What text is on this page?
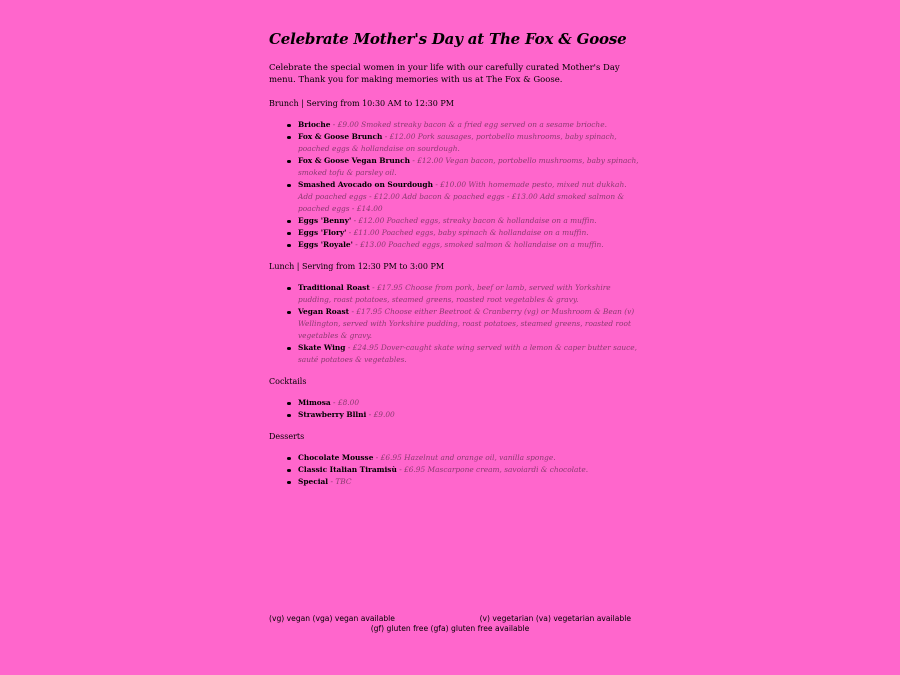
Celebrate Mother's Day at The Fox & Goose

Celebrate the special women in your life with our carefully curated Mother's Day menu. Thank you for making memories with us at The Fox & Goose.

Brunch | Serving from 10:30 AM to 12:30 PM
Brioche - £9.00 Smoked streaky bacon & a fried egg served on a sesame brioche.
Fox & Goose Brunch - £12.00 Pork sausages, portobello mushrooms, baby spinach, poached eggs & hollandaise on sourdough.
Fox & Goose Vegan Brunch - £12.00 Vegan bacon, portobello mushrooms, baby spinach, smoked tofu & parsley oil.
Smashed Avocado on Sourdough - £10.00 With homemade pesto, mixed nut dukkah. Add poached eggs - £12.00 Add bacon & poached eggs - £13.00 Add smoked salmon & poached eggs - £14.00
Eggs 'Benny' - £12.00 Poached eggs, streaky bacon & hollandaise on a muffin.
Eggs 'Flory' - £11.00 Poached eggs, baby spinach & hollandaise on a muffin.
Eggs 'Royale' - £13.00 Poached eggs, smoked salmon & hollandaise on a muffin.
Lunch | Serving from 12:30 PM to 3:00 PM
Traditional Roast - £17.95 Choose from pork, beef or lamb, served with Yorkshire pudding, roast potatoes, steamed greens, roasted root vegetables & gravy.
Vegan Roast - £17.95 Choose either Beetroot & Cranberry (vg) or Mushroom & Bean (v) Wellington, served with Yorkshire pudding, roast potatoes, steamed greens, roasted root vegetables & gravy.
Skate Wing - £24.95 Dover-caught skate wing served with a lemon & caper butter sauce, sauté potatoes & vegetables.
Cocktails
Mimosa - £8.00
Strawberry Bllni - £9.00
Desserts
Chocolate Mousse - £6.95 Hazelnut and orange oil, vanilla sponge.
Classic Italian Tiramisù - £6.95 Mascarpone cream, savoiardi & chocolate.
Special - TBC
(vg) vegan (vga) vegan available	(v) vegetarian (va) vegetarian available
(gf) gluten free (gfa) gluten free available
